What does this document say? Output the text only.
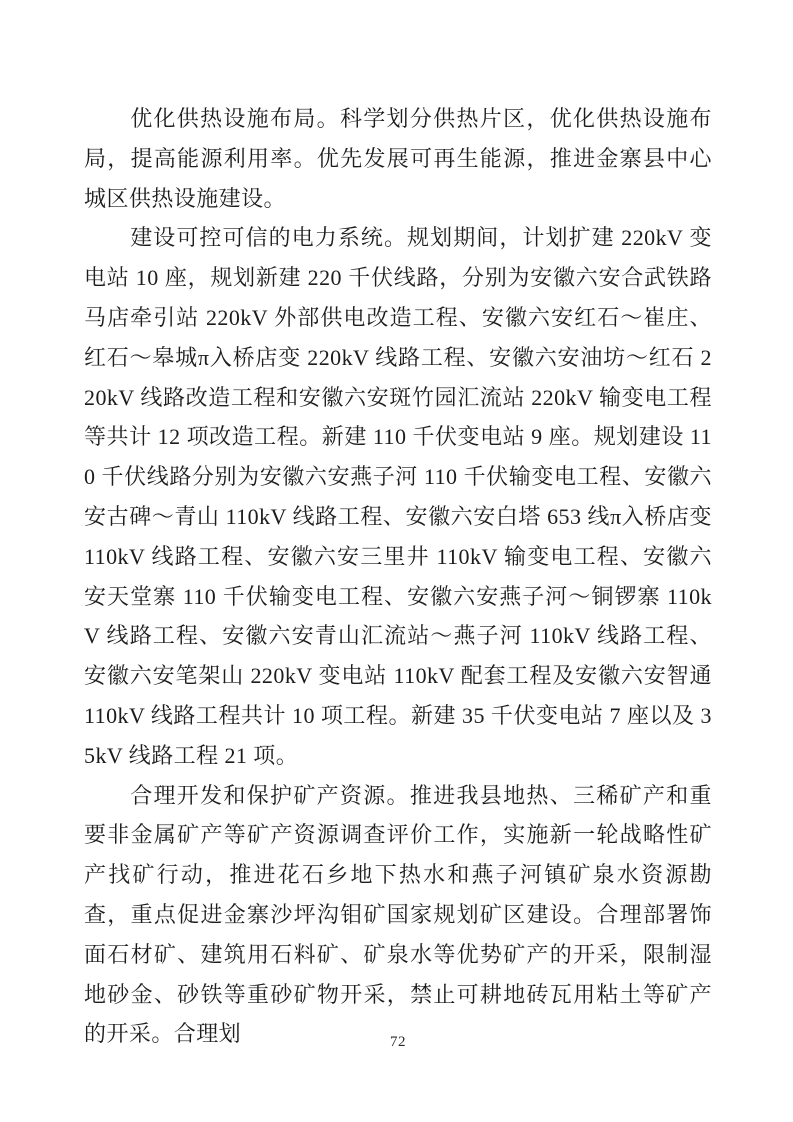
优化供热设施布局。科学划分供热片区，优化供热设施布局，提高能源利用率。优先发展可再生能源，推进金寨县中心城区供热设施建设。

建设可控可信的电力系统。规划期间，计划扩建 220kV 变电站 10 座，规划新建 220 千伏线路，分别为安徽六安合武铁路马店牵引站 220kV 外部供电改造工程、安徽六安红石～崔庄、红石～皋城π入桥店变 220kV 线路工程、安徽六安油坊～红石 220kV 线路改造工程和安徽六安斑竹园汇流站 220kV 输变电工程等共计 12 项改造工程。新建 110 千伏变电站 9 座。规划建设 110 千伏线路分别为安徽六安燕子河 110 千伏输变电工程、安徽六安古碑～青山 110kV 线路工程、安徽六安白塔 653 线π入桥店变 110kV 线路工程、安徽六安三里井 110kV 输变电工程、安徽六安天堂寨 110 千伏输变电工程、安徽六安燕子河～铜锣寨 110kV 线路工程、安徽六安青山汇流站～燕子河 110kV 线路工程、安徽六安笔架山 220kV 变电站 110kV 配套工程及安徽六安智通 110kV 线路工程共计 10 项工程。新建 35 千伏变电站 7 座以及 35kV 线路工程 21 项。

合理开发和保护矿产资源。推进我县地热、三稀矿产和重要非金属矿产等矿产资源调查评价工作，实施新一轮战略性矿产找矿行动，推进花石乡地下热水和燕子河镇矿泉水资源勘查，重点促进金寨沙坪沟钼矿国家规划矿区建设。合理部署饰面石材矿、建筑用石料矿、矿泉水等优势矿产的开采，限制湿地砂金、砂铁等重砂矿物开采，禁止可耕地砖瓦用粘土等矿产的开采。合理划	72
